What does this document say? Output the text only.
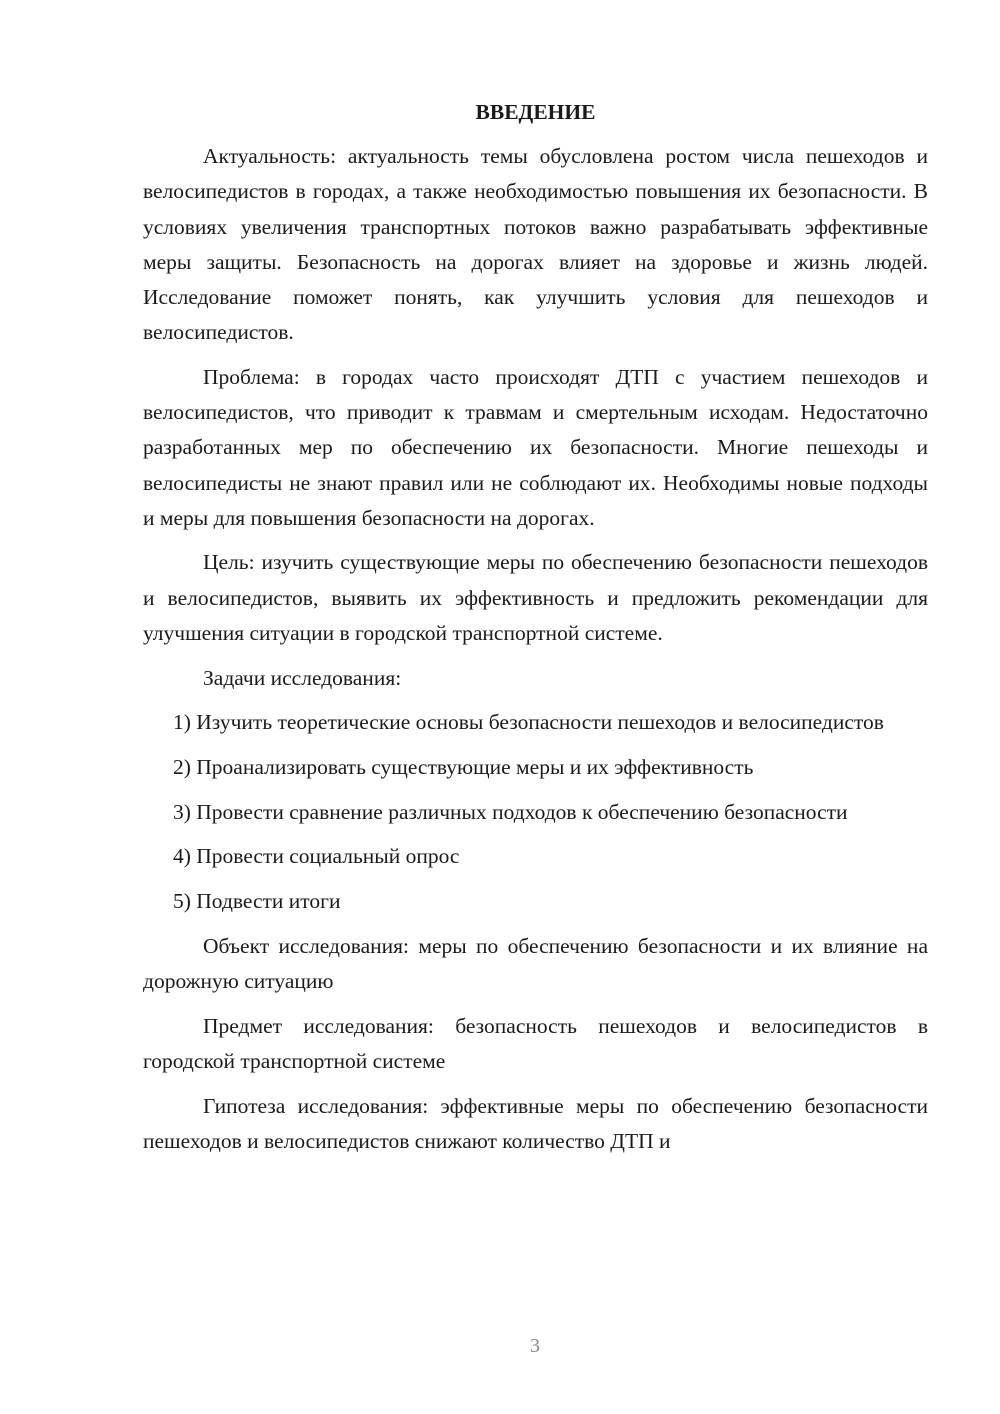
ВВЕДЕНИЕ

Актуальность: актуальность темы обусловлена ростом числа пешеходов и велосипедистов в городах, а также необходимостью повышения их безопасности. В условиях увеличения транспортных потоков важно разрабатывать эффективные меры защиты. Безопасность на дорогах влияет на здоровье и жизнь людей. Исследование поможет понять, как улучшить условия для пешеходов и велосипедистов.

Проблема: в городах часто происходят ДТП с участием пешеходов и велосипедистов, что приводит к травмам и смертельным исходам. Недостаточно разработанных мер по обеспечению их безопасности. Многие пешеходы и велосипедисты не знают правил или не соблюдают их. Необходимы новые подходы и меры для повышения безопасности на дорогах.

Цель: изучить существующие меры по обеспечению безопасности пешеходов и велосипедистов, выявить их эффективность и предложить рекомендации для улучшения ситуации в городской транспортной системе.

Задачи исследования:

1) Изучить теоретические основы безопасности пешеходов и велосипедистов

2) Проанализировать существующие меры и их эффективность

3) Провести сравнение различных подходов к обеспечению безопасности

4) Провести социальный опрос

5) Подвести итоги

Объект исследования: меры по обеспечению безопасности и их влияние на дорожную ситуацию

Предмет исследования: безопасность пешеходов и велосипедистов в городской транспортной системе

Гипотеза исследования: эффективные меры по обеспечению безопасности пешеходов и велосипедистов снижают количество ДТП и

3
